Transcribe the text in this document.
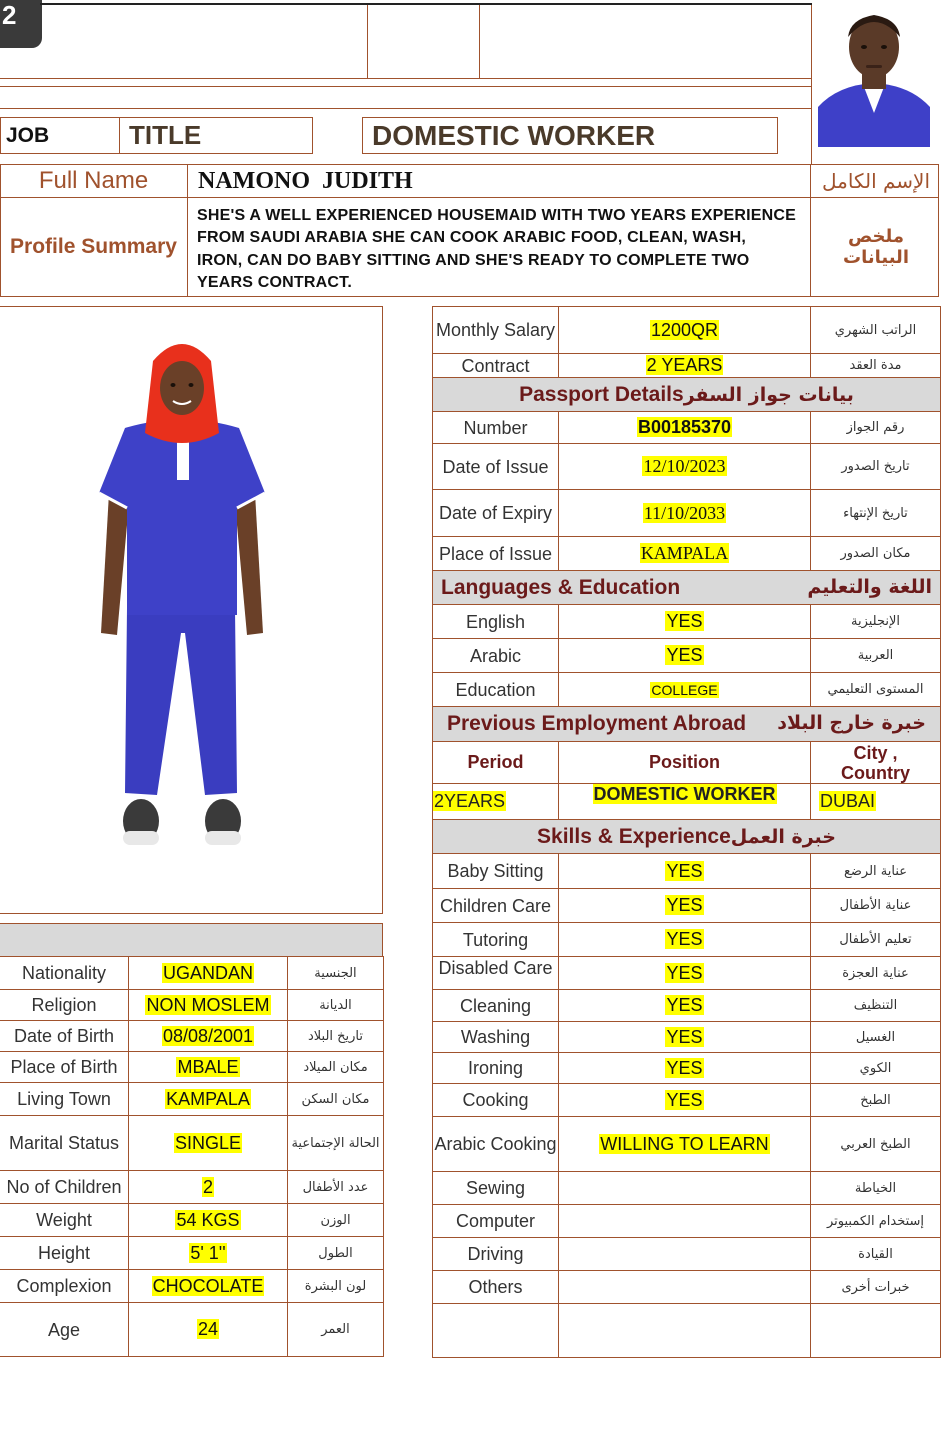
2
JOB	TITLE	DOMESTIC WORKER
Full Name	NAMONO  JUDITH	الإسم الكامل
Profile Summary
SHE'S A WELL EXPERIENCED HOUSEMAID WITH TWO YEARS EXPERIENCE
FROM SAUDI ARABIA SHE CAN COOK ARABIC FOOD, CLEAN, WASH,
IRON, CAN DO BABY SITTING AND SHE'S READY TO COMPLETE TWO
YEARS CONTRACT.
ملخص البيانات
Nationality	UGANDAN	الجنسية
Religion	NON MOSLEM	الديانة
Date of Birth	08/08/2001	تاريخ البلاد
Place of Birth	MBALE	مكان الميلاد
Living Town	KAMPALA	مكان السكن
Marital Status	SINGLE	الحالة الإجتماعية
No of Children	2	عدد الأطفال
Weight	54 KGS	الوزن
Height	5' 1''	الطول
Complexion	CHOCOLATE	لون البشرة
Age	24	العمر
Monthly Salary	1200QR	الراتب الشهري
Contract	2 YEARS	مدة العقد
Passport Detailsبيانات جواز السفر		
Number	B00185370	رقم الجواز
Date of Issue	12/10/2023	تاريخ الصدور
Date of Expiry	11/10/2033	تاريخ الإنتهاء
Place of Issue	KAMPALA	مكان الصدور
Languages & Education اللغة والتعليم		

English	YES	الإنجليزية
Arabic	YES	العربية
Education	COLLEGE	المستوى التعليمي
Previous Employment Abroad خبرة خارج البلاد		

Period	Position	City , Country
2YEARS	DOMESTIC WORKER	DUBAI
Skills & Experienceخبرة العمل		
Baby Sitting	YES	عناية الرضع
Children Care	YES	عناية الأطفال
Tutoring	YES	تعليم الأطفال

Disabled Care	YES	عناية العجزة
Cleaning	YES	التنظيف
Washing	YES	الغسيل
Ironing	YES	الكوي
Cooking	YES	الطبخ
Arabic Cooking	WILLING TO LEARN	الطبخ العربي
Sewing		الخياطة
Computer		إستخدام الكمبيوتر
Driving		القيادة
Others		خبرات أخرى
